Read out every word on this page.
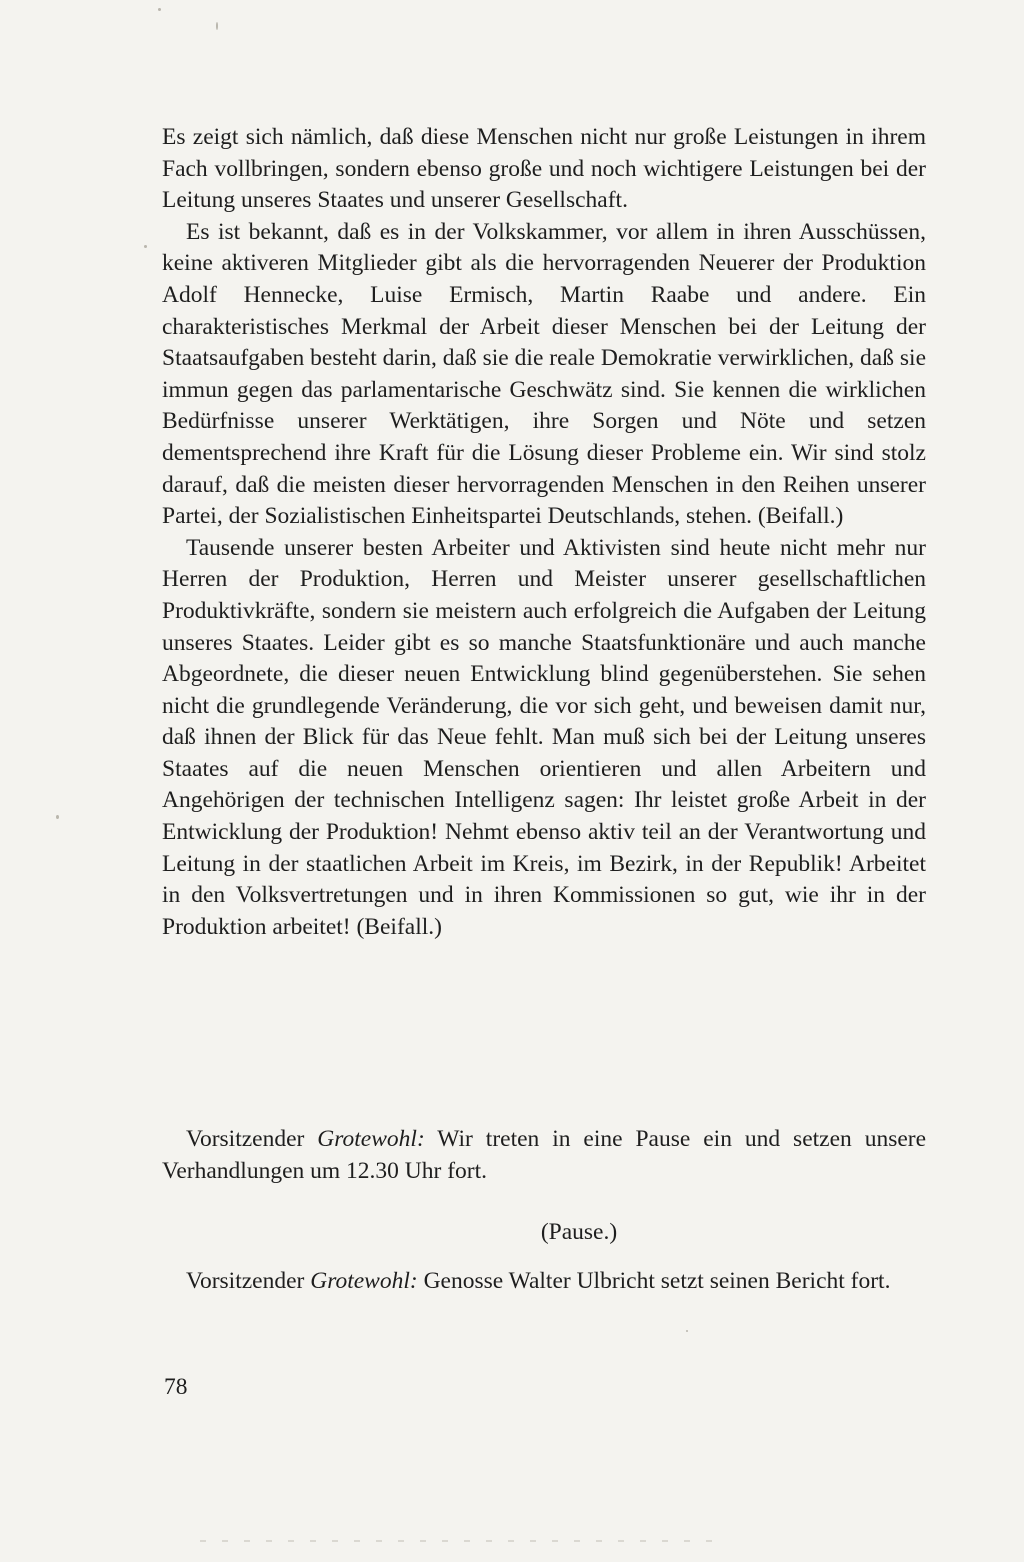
Es zeigt sich nämlich, daß diese Menschen nicht nur große Leistungen in ihrem Fach vollbringen, sondern ebenso große und noch wichtigere Leistungen bei der Leitung unseres Staates und unserer Gesellschaft.

Es ist bekannt, daß es in der Volkskammer, vor allem in ihren Ausschüssen, keine aktiveren Mitglieder gibt als die hervorragenden Neuerer der Produktion Adolf Hennecke, Luise Ermisch, Martin Raabe und andere. Ein charakteristisches Merkmal der Arbeit dieser Menschen bei der Leitung der Staatsaufgaben besteht darin, daß sie die reale Demokratie verwirklichen, daß sie immun gegen das parlamentarische Geschwätz sind. Sie kennen die wirklichen Bedürfnisse unserer Werktätigen, ihre Sorgen und Nöte und setzen dementsprechend ihre Kraft für die Lösung dieser Probleme ein. Wir sind stolz darauf, daß die meisten dieser hervorragenden Menschen in den Reihen unserer Partei, der Sozialistischen Einheitspartei Deutschlands, stehen. (Beifall.)

Tausende unserer besten Arbeiter und Aktivisten sind heute nicht mehr nur Herren der Produktion, Herren und Meister unserer gesellschaftlichen Produktivkräfte, sondern sie meistern auch erfolgreich die Aufgaben der Leitung unseres Staates. Leider gibt es so manche Staatsfunktionäre und auch manche Abgeordnete, die dieser neuen Entwicklung blind gegenüberstehen. Sie sehen nicht die grundlegende Veränderung, die vor sich geht, und beweisen damit nur, daß ihnen der Blick für das Neue fehlt. Man muß sich bei der Leitung unseres Staates auf die neuen Menschen orientieren und allen Arbeitern und Angehörigen der technischen Intelligenz sagen: Ihr leistet große Arbeit in der Entwicklung der Produktion! Nehmt ebenso aktiv teil an der Verantwortung und Leitung in der staatlichen Arbeit im Kreis, im Bezirk, in der Republik! Arbeitet in den Volksvertretungen und in ihren Kommissionen so gut, wie ihr in der Produktion arbeitet! (Beifall.)

Vorsitzender Grotewohl: Wir treten in eine Pause ein und setzen unsere Verhandlungen um 12.30 Uhr fort.

(Pause.)

Vorsitzender Grotewohl: Genosse Walter Ulbricht setzt seinen Bericht fort.

78
